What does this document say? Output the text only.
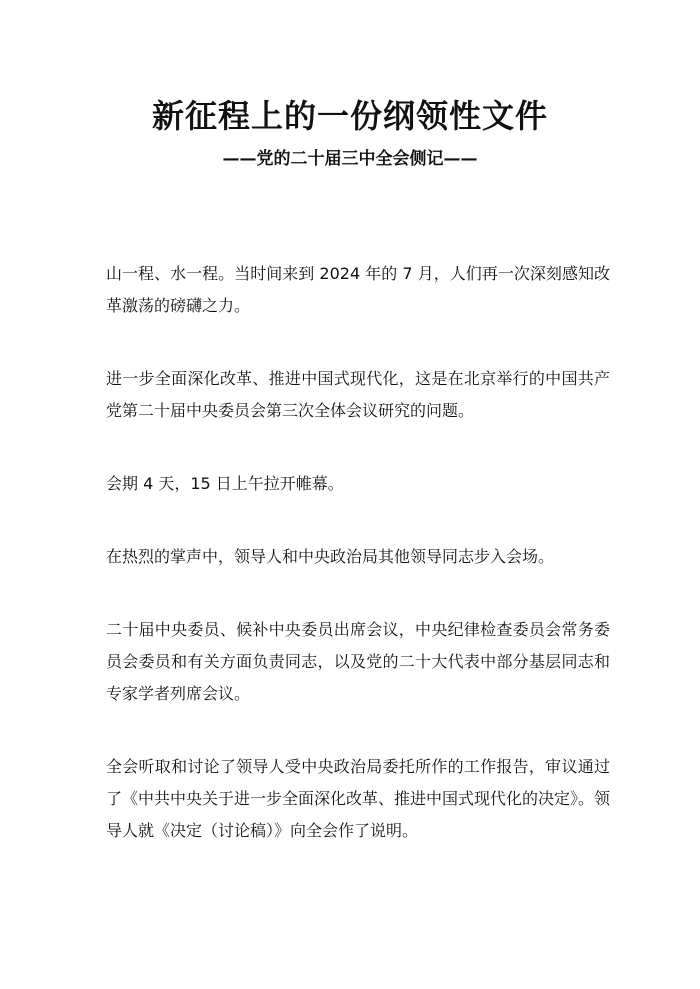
新征程上的一份纲领性文件
——党的二十届三中全会侧记——

山一程、水一程。当时间来到 2024 年的 7 月，人们再一次深刻感知改革激荡的磅礴之力。

进一步全面深化改革、推进中国式现代化，这是在北京举行的中国共产党第二十届中央委员会第三次全体会议研究的问题。

会期 4 天，15 日上午拉开帷幕。

在热烈的掌声中，领导人和中央政治局其他领导同志步入会场。

二十届中央委员、候补中央委员出席会议，中央纪律检查委员会常务委员会委员和有关方面负责同志，以及党的二十大代表中部分基层同志和专家学者列席会议。

全会听取和讨论了领导人受中央政治局委托所作的工作报告，审议通过了《中共中央关于进一步全面深化改革、推进中国式现代化的决定》。领导人就《决定（讨论稿）》向全会作了说明。
